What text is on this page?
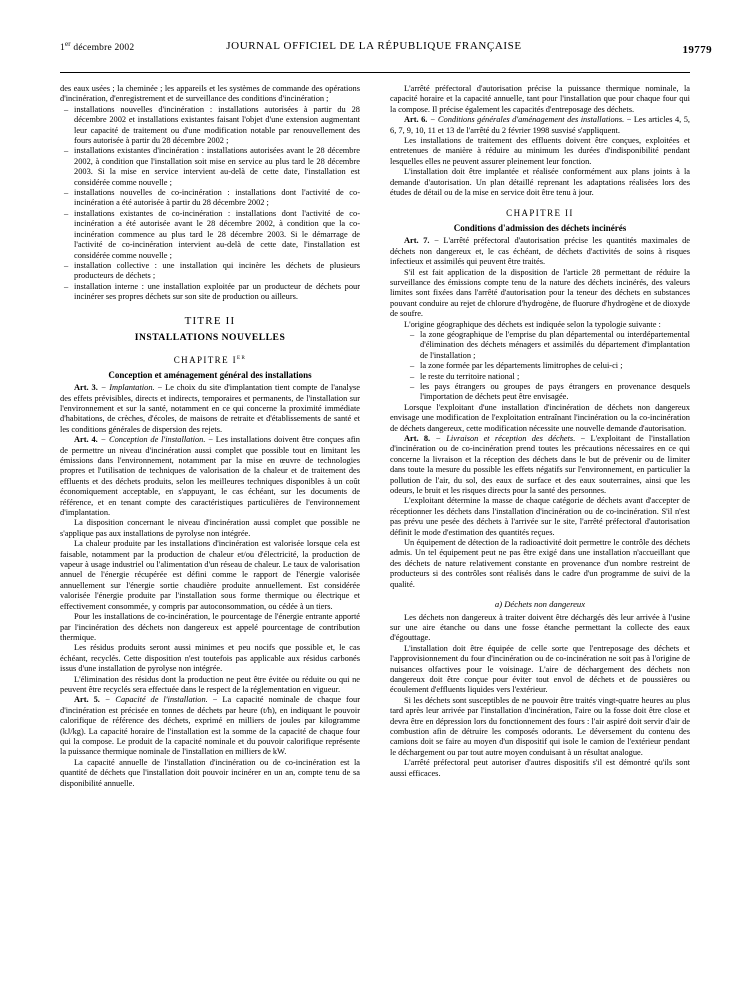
1er décembre 2002	JOURNAL OFFICIEL DE LA RÉPUBLIQUE FRANÇAISE	19779

des eaux usées ; la cheminée ; les appareils et les systèmes de commande des opérations d'incinération, d'enregistrement et de surveillance des conditions d'incinération ;

– installations nouvelles d'incinération : installations autorisées à partir du 28 décembre 2002 et installations existantes faisant l'objet d'une extension augmentant leur capacité de traitement ou d'une modification notable par renouvellement des fours autorisée à partir du 28 décembre 2002 ;
– installations existantes d'incinération : installations autorisées avant le 28 décembre 2002, à condition que l'installation soit mise en service au plus tard le 28 décembre 2003. Si la mise en service intervient au-delà de cette date, l'installation est considérée comme nouvelle ;
– installations nouvelles de co-incinération : installations dont l'activité de co-incinération a été autorisée à partir du 28 décembre 2002 ;
– installations existantes de co-incinération : installations dont l'activité de co-incinération a été autorisée avant le 28 décembre 2002, à condition que la co-incinération commence au plus tard le 28 décembre 2003. Si le démarrage de l'activité de co-incinération intervient au-delà de cette date, l'installation est considérée comme nouvelle ;
– installation collective : une installation qui incinère les déchets de plusieurs producteurs de déchets ;
– installation interne : une installation exploitée par un producteur de déchets pour incinérer ses propres déchets sur son site de production ou ailleurs.
TITRE II
INSTALLATIONS NOUVELLES
CHAPITRE Ier
Conception et aménagement général des installations

Art. 3. − Implantation. − Le choix du site d'implantation tient compte de l'analyse des effets prévisibles, directs et indirects, temporaires et permanents, de l'installation sur l'environnement et sur la santé, notamment en ce qui concerne la proximité immédiate d'habitations, de crèches, d'écoles, de maisons de retraite et d'établissements de santé et les conditions générales de dispersion des rejets.

Art. 4. − Conception de l'installation. − Les installations doivent être conçues afin de permettre un niveau d'incinération aussi complet que possible tout en limitant les émissions dans l'environnement, notamment par la mise en œuvre de technologies propres et l'utilisation de techniques de valorisation de la chaleur et de traitement des effluents et des déchets produits, selon les meilleures techniques disponibles à un coût économiquement acceptable, en s'appuyant, le cas échéant, sur les documents de référence, et en tenant compte des caractéristiques particulières de l'environnement d'implantation.

La disposition concernant le niveau d'incinération aussi complet que possible ne s'applique pas aux installations de pyrolyse non intégrée.

La chaleur produite par les installations d'incinération est valorisée lorsque cela est faisable, notamment par la production de chaleur et/ou d'électricité, la production de vapeur à usage industriel ou l'alimentation d'un réseau de chaleur. Le taux de valorisation annuel de l'énergie récupérée est défini comme le rapport de l'énergie valorisée annuellement sur l'énergie sortie chaudière produite annuellement. Est considérée valorisée l'énergie produite par l'installation sous forme thermique ou électrique et effectivement consommée, y compris par autoconsommation, ou cédée à un tiers.

Pour les installations de co-incinération, le pourcentage de l'énergie entrante apporté par l'incinération des déchets non dangereux est appelé pourcentage de contribution thermique.

Les résidus produits seront aussi minimes et peu nocifs que possible et, le cas échéant, recyclés. Cette disposition n'est toutefois pas applicable aux résidus carbonés issus d'une installation de pyrolyse non intégrée.

L'élimination des résidus dont la production ne peut être évitée ou réduite ou qui ne peuvent être recyclés sera effectuée dans le respect de la réglementation en vigueur.

Art. 5. − Capacité de l'installation. − La capacité nominale de chaque four d'incinération est précisée en tonnes de déchets par heure (t/h), en indiquant le pouvoir calorifique de référence des déchets, exprimé en milliers de joules par kilogramme (kJ/kg). La capacité horaire de l'installation est la somme de la capacité de chaque four qui la compose. Le produit de la capacité nominale et du pouvoir calorifique représente la puissance thermique nominale de l'installation en milliers de kW.

La capacité annuelle de l'installation d'incinération ou de co-incinération est la quantité de déchets que l'installation doit pouvoir incinérer en un an, compte tenu de sa disponibilité annuelle.

L'arrêté préfectoral d'autorisation précise la puissance thermique nominale, la capacité horaire et la capacité annuelle, tant pour l'installation que pour chaque four qui la compose. Il précise également les capacités d'entreposage des déchets.

Art. 6. − Conditions générales d'aménagement des installations. − Les articles 4, 5, 6, 7, 9, 10, 11 et 13 de l'arrêté du 2 février 1998 susvisé s'appliquent.

Les installations de traitement des effluents doivent être conçues, exploitées et entretenues de manière à réduire au minimum les durées d'indisponibilité pendant lesquelles elles ne peuvent assurer pleinement leur fonction.

L'installation doit être implantée et réalisée conformément aux plans joints à la demande d'autorisation. Un plan détaillé reprenant les adaptations réalisées lors des études de détail ou de la mise en service doit être tenu à jour.

CHAPITRE II
Conditions d'admission des déchets incinérés

Art. 7. − L'arrêté préfectoral d'autorisation précise les quantités maximales de déchets non dangereux et, le cas échéant, de déchets d'activités de soins à risques infectieux et assimilés qui peuvent être traités.

S'il est fait application de la disposition de l'article 28 permettant de réduire la surveillance des émissions compte tenu de la nature des déchets incinérés, des valeurs limites sont fixées dans l'arrêté d'autorisation pour la teneur des déchets en substances pouvant conduire au rejet de chlorure d'hydrogène, de fluorure d'hydrogène et de dioxyde de soufre.

L'origine géographique des déchets est indiquée selon la typologie suivante :

– la zone géographique de l'emprise du plan départemental ou interdépartemental d'élimination des déchets ménagers et assimilés du département d'implantation de l'installation ;
– la zone formée par les départements limitrophes de celui-ci ;
– le reste du territoire national ;
– les pays étrangers ou groupes de pays étrangers en provenance desquels l'importation de déchets peut être envisagée.

Lorsque l'exploitant d'une installation d'incinération de déchets non dangereux envisage une modification de l'exploitation entraînant l'incinération ou la co-incinération de déchets dangereux, cette modification nécessite une nouvelle demande d'autorisation.

Art. 8. − Livraison et réception des déchets. − L'exploitant de l'installation d'incinération ou de co-incinération prend toutes les précautions nécessaires en ce qui concerne la livraison et la réception des déchets dans le but de prévenir ou de limiter dans toute la mesure du possible les effets négatifs sur l'environnement, en particulier la pollution de l'air, du sol, des eaux de surface et des eaux souterraines, ainsi que les odeurs, le bruit et les risques directs pour la santé des personnes.

L'exploitant détermine la masse de chaque catégorie de déchets avant d'accepter de réceptionner les déchets dans l'installation d'incinération ou de co-incinération. S'il n'est pas prévu une pesée des déchets à l'arrivée sur le site, l'arrêté préfectoral d'autorisation définit le mode d'estimation des quantités reçues.

Un équipement de détection de la radioactivité doit permettre le contrôle des déchets admis. Un tel équipement peut ne pas être exigé dans une installation n'accueillant que des déchets de nature relativement constante en provenance d'un nombre restreint de producteurs si des contrôles sont réalisés dans le cadre d'un programme de suivi de la qualité.

a) Déchets non dangereux

Les déchets non dangereux à traiter doivent être déchargés dès leur arrivée à l'usine sur une aire étanche ou dans une fosse étanche permettant la collecte des eaux d'égouttage.

L'installation doit être équipée de celle sorte que l'entreposage des déchets et l'approvisionnement du four d'incinération ou de co-incinération ne soit pas à l'origine de nuisances olfactives pour le voisinage. L'aire de déchargement des déchets non dangereux doit être conçue pour éviter tout envol de déchets et de poussières ou écoulement d'effluents liquides vers l'extérieur.

Si les déchets sont susceptibles de ne pouvoir être traités vingt-quatre heures au plus tard après leur arrivée par l'installation d'incinération, l'aire ou la fosse doit être close et devra être en dépression lors du fonctionnement des fours : l'air aspiré doit servir d'air de combustion afin de détruire les composés odorants. Le déversement du contenu des camions doit se faire au moyen d'un dispositif qui isole le camion de l'extérieur pendant le déchargement ou par tout autre moyen conduisant à un résultat analogue.

L'arrêté préfectoral peut autoriser d'autres dispositifs s'il est démontré qu'ils sont aussi efficaces.
